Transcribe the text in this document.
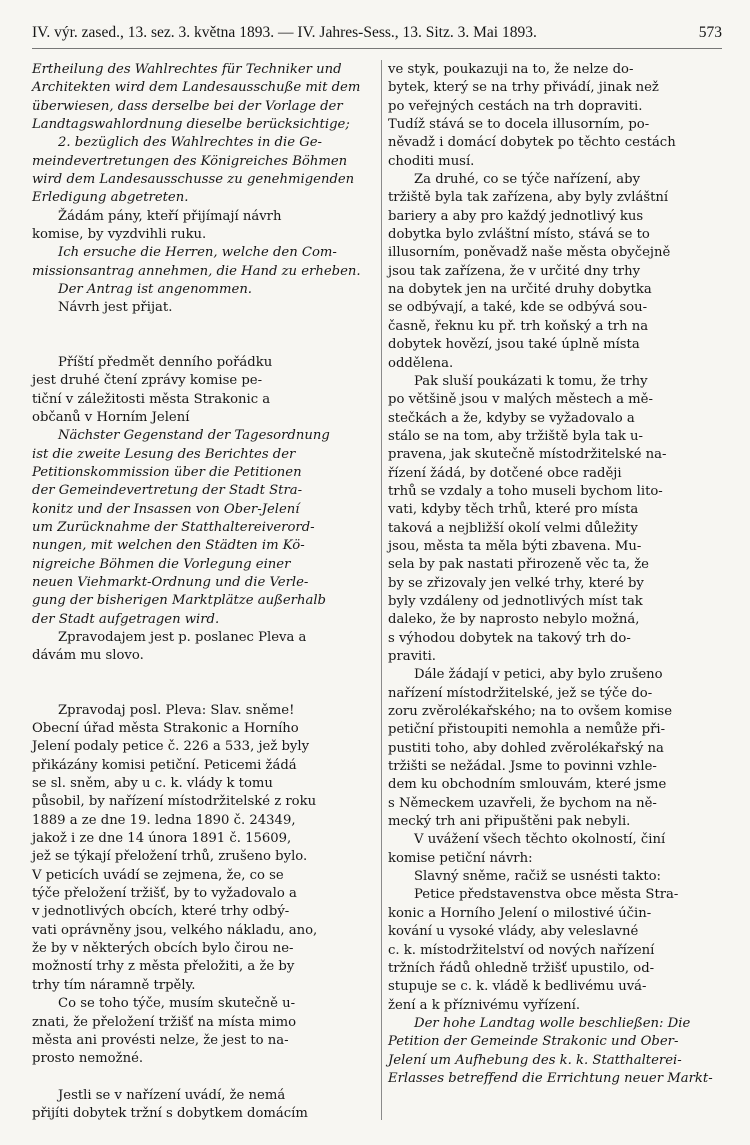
IV. výr. zased., 13. sez. 3. května 1893. — IV. Jahres-Sess., 13. Sitz. 3. Mai 1893.	573
Ertheilung des Wahlrechtes für Techniker und
Architekten wird dem Landesausschuße mit dem
überwiesen, dass derselbe bei der Vorlage der
Landtagswahlordnung dieselbe berücksichtige;
2. bezüglich des Wahlrechtes in die Ge-
meindevertretungen des Königreiches Böhmen
wird dem Landesausschusse zu genehmigenden
Erledigung abgetreten.
Žádám pány, kteří přijímají návrh
komise, by vyzdvihli ruku.
Ich ersuche die Herren, welche den Com-
missionsantrag annehmen, die Hand zu erheben.
Der Antrag ist angenommen.
Návrh jest přijat.
Příští předmět denního pořádku
jest druhé čtení zprávy komise pe-
tiční v záležitosti města Strakonic a
občanů v Horním Jelení
Nächster Gegenstand der Tagesordnung
ist die zweite Lesung des Berichtes der
Petitionskommission über die Petitionen
der Gemeindevertretung der Stadt Stra-
konitz und der Insassen von Ober-Jelení
um Zurücknahme der Statthaltereiverord-
nungen, mit welchen den Städten im Kö-
nigreiche Böhmen die Vorlegung einer
neuen Viehmarkt-Ordnung und die Verle-
gung der bisherigen Marktplätze außerhalb
der Stadt aufgetragen wird.
Zpravodajem jest p. poslanec Pleva a
dávám mu slovo.
Zpravodaj posl. Pleva: Slav. sněme!
Obecní úřad města Strakonic a Horního
Jelení podaly petice č. 226 a 533, jež byly
přikázány komisi petiční. Peticemi žádá
se sl. sněm, aby u c. k. vlády k tomu
působil, by nařízení místodržitelské z roku
1889 a ze dne 19. ledna 1890 č. 24349,
jakož i ze dne 14 února 1891 č. 15609,
jež se týkají přeložení trhů, zrušeno bylo.
V peticích uvádí se zejmena, že, co se
týče přeložení tržišť, by to vyžadovalo a
v jednotlivých obcích, které trhy odbý-
vati oprávněny jsou, velkého nákladu, ano,
že by v některých obcích bylo čirou ne-
možností trhy z města přeložiti, a že by
trhy tím náramně trpěly.
Co se toho týče, musím skutečně u-
znati, že přeložení tržišť na místa mimo
města ani provésti nelze, že jest to na-
prosto nemožné.
Jestli se v nařízení uvádí, že nemá
přijíti dobytek tržní s dobytkem domácím
ve styk, poukazuji na to, že nelze do-
bytek, který se na trhy přivádí, jinak než
po veřejných cestách na trh dopraviti.
Tudíž stává se to docela illusorním, po-
něvadž i domácí dobytek po těchto cestách
choditi musí.
Za druhé, co se týče nařízení, aby
tržiště byla tak zařízena, aby byly zvláštní
bariery a aby pro každý jednotlivý kus
dobytka bylo zvláštní místo, stává se to
illusorním, poněvadž naše města obyčejně
jsou tak zařízena, že v určité dny trhy
na dobytek jen na určité druhy dobytka
se odbývají, a také, kde se odbývá sou-
časně, řeknu ku př. trh koňský a trh na
dobytek hovězí, jsou také úplně místa
oddělena.
Pak sluší poukázati k tomu, že trhy
po většině jsou v malých městech a mě-
stečkách a že, kdyby se vyžadovalo a
stálo se na tom, aby tržiště byla tak u-
pravena, jak skutečně místodržitelské na-
řízení žádá, by dotčené obce raději
trhů se vzdaly a toho museli bychom lito-
vati, kdyby těch trhů, které pro místa
taková a nejbližší okolí velmi důležity
jsou, města ta měla býti zbavena. Mu-
sela by pak nastati přirozeně věc ta, že
by se zřizovaly jen velké trhy, které by
byly vzdáleny od jednotlivých míst tak
daleko, že by naprosto nebylo možná,
s výhodou dobytek na takový trh do-
praviti.
Dále žádají v petici, aby bylo zrušeno
nařízení místodržitelské, jež se týče do-
zoru zvěrolékařského; na to ovšem komise
petiční přistoupiti nemohla a nemůže při-
pustiti toho, aby dohled zvěrolékařský na
tržišti se nežádal. Jsme to povinni vzhle-
dem ku obchodním smlouvám, které jsme
s Německem uzavřeli, že bychom na ně-
mecký trh ani připuštěni pak nebyli.
V uvážení všech těchto okolností, činí
komise petiční návrh:
Slavný sněme, račiž se usnésti takto:
Petice představenstva obce města Stra-
konic a Horního Jelení o milostivé účin-
kování u vysoké vlády, aby veleslavné
c. k. místodržitelství od nových nařízení
tržních řádů ohledně tržišť upustilo, od-
stupuje se c. k. vládě k bedlivému uvá-
žení a k příznivému vyřízení.
Der hohe Landtag wolle beschließen: Die
Petition der Gemeinde Strakonic und Ober-
Jelení um Aufhebung des k. k. Statthalterei-
Erlasses betreffend die Errichtung neuer Markt-
